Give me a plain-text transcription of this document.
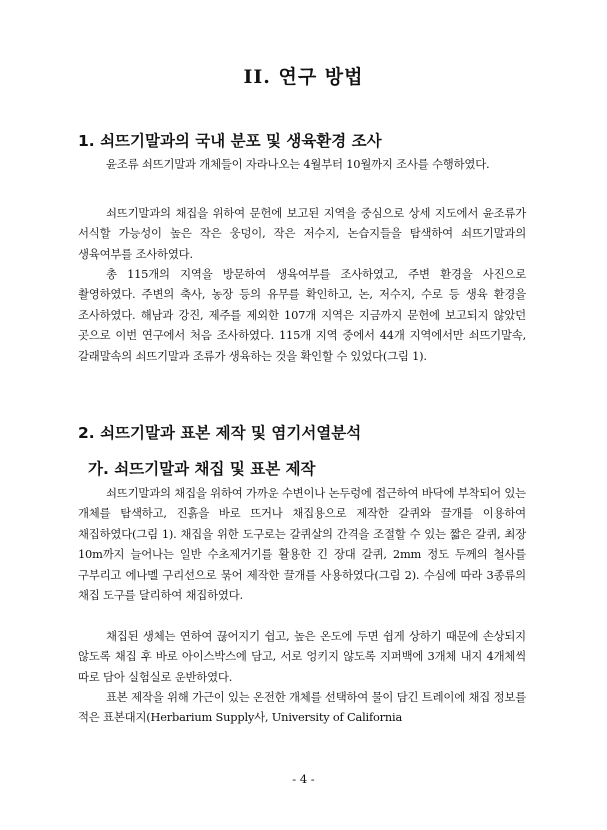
II. 연구 방법
1. 쇠뜨기말과의 국내 분포 및 생육환경 조사

윤조류 쇠뜨기말과 개체들이 자라나오는 4월부터 10월까지 조사를 수행하였다.

쇠뜨기말과의 채집을 위하여 문헌에 보고된 지역을 중심으로 상세 지도에서 윤조류가 서식할 가능성이 높은 작은 웅덩이, 작은 저수지, 논습지들을 탐색하여 쇠뜨기말과의 생육여부를 조사하였다.

총 115개의 지역을 방문하여 생육여부를 조사하였고, 주변 환경을 사진으로 촬영하였다. 주변의 축사, 농장 등의 유무를 확인하고, 논, 저수지, 수로 등 생육 환경을 조사하였다. 해남과 강진, 제주를 제외한 107개 지역은 지금까지 문헌에 보고되지 않았던 곳으로 이번 연구에서 처음 조사하였다. 115개 지역 중에서 44개 지역에서만 쇠뜨기말속, 갈래말속의 쇠뜨기말과 조류가 생육하는 것을 확인할 수 있었다(그림 1).

2. 쇠뜨기말과 표본 제작 및 염기서열분석
가. 쇠뜨기말과 채집 및 표본 제작

쇠뜨기말과의 채집을 위하여 가까운 수변이나 논두렁에 접근하여 바닥에 부착되어 있는 개체를 탐색하고, 진흙을 바로 뜨거나 채집용으로 제작한 갈퀴와 끌개를 이용하여 채집하였다(그림 1). 채집을 위한 도구로는 갈퀴살의 간격을 조절할 수 있는 짧은 갈퀴, 최장 10m까지 늘어나는 일반 수초제거기를 활용한 긴 장대 갈퀴, 2mm 정도 두께의 철사를 구부리고 에나멜 구리선으로 묶어 제작한 끌개를 사용하였다(그림 2). 수심에 따라 3종류의 채집 도구를 달리하여 채집하였다.

채집된 생체는 연하여 끊어지기 쉽고, 높은 온도에 두면 쉽게 상하기 때문에 손상되지 않도록 채집 후 바로 아이스박스에 담고, 서로 엉키지 않도록 지퍼백에 3개체 내지 4개체씩 따로 담아 실험실로 운반하였다.

표본 제작을 위해 가근이 있는 온전한 개체를 선택하여 물이 담긴 트레이에 채집 정보를 적은 표본대지(Herbarium Supply사, University of California

- 4 -
